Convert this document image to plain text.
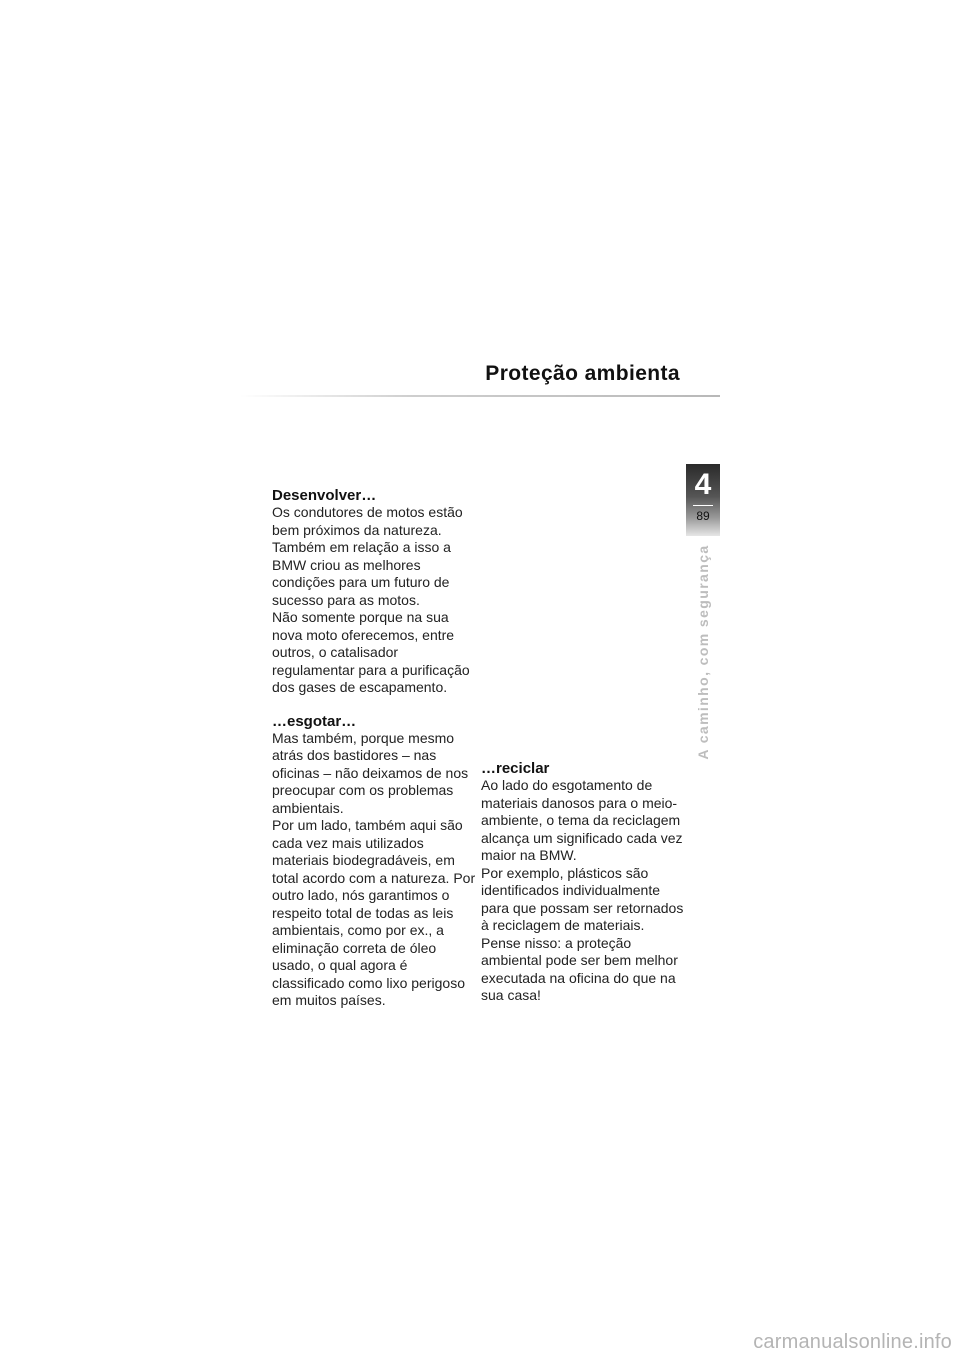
Proteção ambienta
Desenvolver…

Os condutores de motos estão bem próximos da natureza. Também em relação a isso a BMW criou as melhores condições para um futuro de sucesso para as motos.

Não somente porque na sua nova moto oferecemos, entre outros, o catalisador regulamentar para a purificação dos gases de escapamento.

…esgotar…

Mas também, porque mesmo atrás dos bastidores – nas oficinas – não deixamos de nos preocupar com os problemas ambientais.

Por um lado, também aqui são cada vez mais utilizados materiais biodegradáveis, em total acordo com a natureza. Por outro lado, nós garantimos o respeito total de todas as leis ambientais, como por ex., a eliminação correta de óleo usado, o qual agora é classificado como lixo perigoso em muitos países.

…reciclar

Ao lado do esgotamento de materiais danosos para o meio-ambiente, o tema da reciclagem alcança um significado cada vez maior na BMW.

Por exemplo, plásticos são identificados individualmente para que possam ser retornados à reciclagem de materiais.

Pense nisso: a proteção ambiental pode ser bem melhor executada na oficina do que na sua casa!

4
89
A caminho, com segurança
carmanualsonline.info
